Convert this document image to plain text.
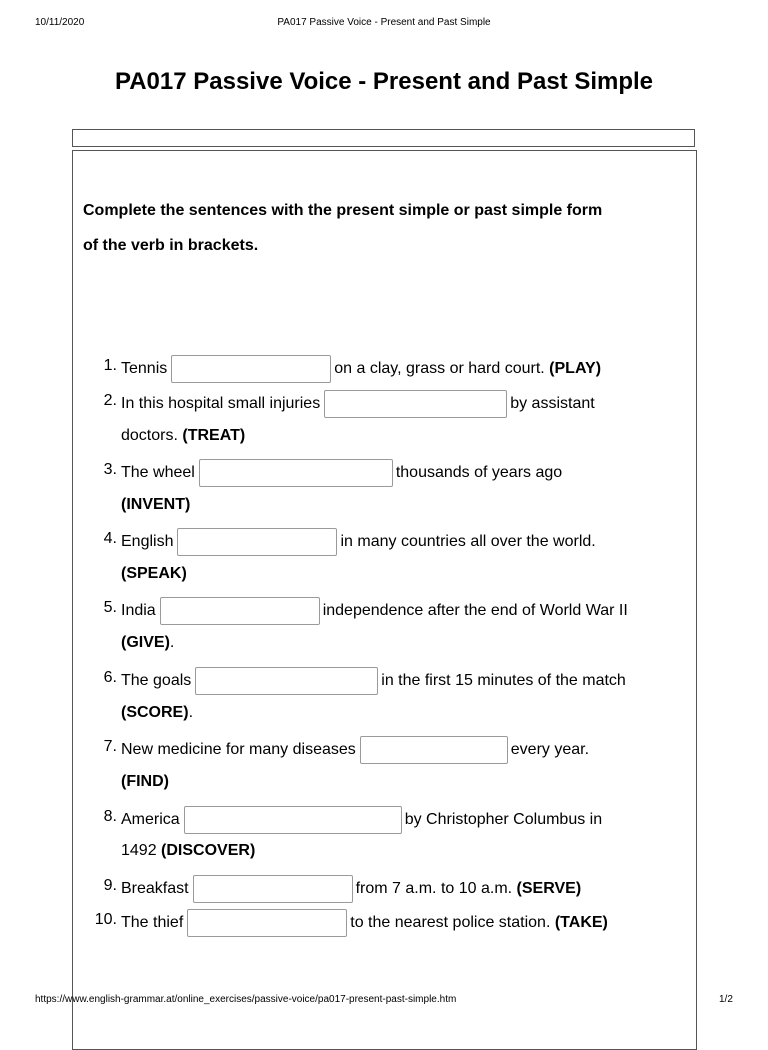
10/11/2020	PA017 Passive Voice - Present and Past Simple
PA017 Passive Voice - Present and Past Simple
Complete the sentences with the present simple or past simple form
of the verb in brackets.
1. Tennis	on a clay, grass or hard court. (PLAY)
2. In this hospital small injuries	by assistant
doctors. (TREAT)
3. The wheel	thousands of years ago
(INVENT)
4. English	in many countries all over the world.
(SPEAK)
5. India	independence after the end of World War II
(GIVE).
6. The goals	in the first 15 minutes of the match
(SCORE).
7. New medicine for many diseases	every year.
(FIND)
8. America	by Christopher Columbus in
1492 (DISCOVER)
9. Breakfast	from 7 a.m. to 10 a.m. (SERVE)
10. The thief	to the nearest police station. (TAKE)
https://www.english-grammar.at/online_exercises/passive-voice/pa017-present-past-simple.htm	1/2
